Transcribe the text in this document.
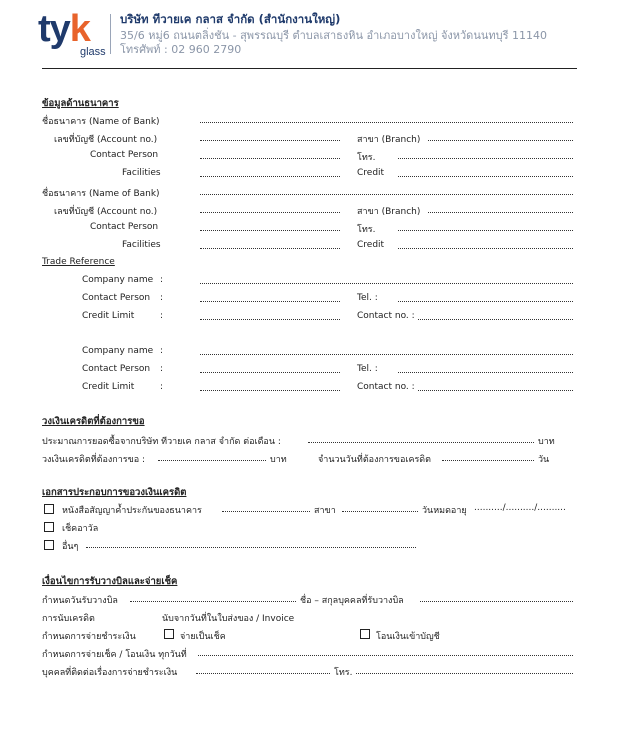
tyk
glass
บริษัท ทีวายเค กลาส จำกัด (สำนักงานใหญ่)
35/6 หมู่6 ถนนตลิ่งชัน - สุพรรณบุรี ตำบลเสาธงหิน อำเภอบางใหญ่ จังหวัดนนทบุรี 11140
โทรศัพท์ : 02 960 2790
ข้อมูลด้านธนาคาร
ชื่อธนาคาร (Name of Bank)
เลขที่บัญชี (Account no.)	สาขา (Branch)
Contact Person	โทร.
Facilities	Credit
ชื่อธนาคาร (Name of Bank)
เลขที่บัญชี (Account no.)	สาขา (Branch)
Contact Person	โทร.
Facilities	Credit
Trade Reference
Company name :
Contact Person :	Tel. :
Credit Limit	:	Contact no. :
Company name :
Contact Person :	Tel. :
Credit Limit	:	Contact no. :
วงเงินเครดิตที่ต้องการขอ
ประมาณการยอดซื้อจากบริษัท ทีวายเค กลาส จำกัด ต่อเดือน :	บาท
วงเงินเครดิตที่ต้องการขอ :	บาท	จำนวนวันที่ต้องการขอเครดิต	วัน
เอกสารประกอบการขอวงเงินเครดิต
หนังสือสัญญาค้ำประกันของธนาคาร	สาขา	วันหมดอายุ ........../........../..........
เช็คอาวัล
อื่นๆ
เงื่อนไขการรับวางบิลและจ่ายเช็ค
กำหนดวันรับวางบิล	ชื่อ – สกุลบุคคลที่รับวางบิล
การนับเครดิต	นับจากวันที่ในใบส่งของ / Invoice
กำหนดการจ่ายชำระเงิน	จ่ายเป็นเช็ค	โอนเงินเข้าบัญชี
กำหนดการจ่ายเช็ค / โอนเงิน ทุกวันที่
บุคคลที่ติดต่อเรื่องการจ่ายชำระเงิน	โทร.
